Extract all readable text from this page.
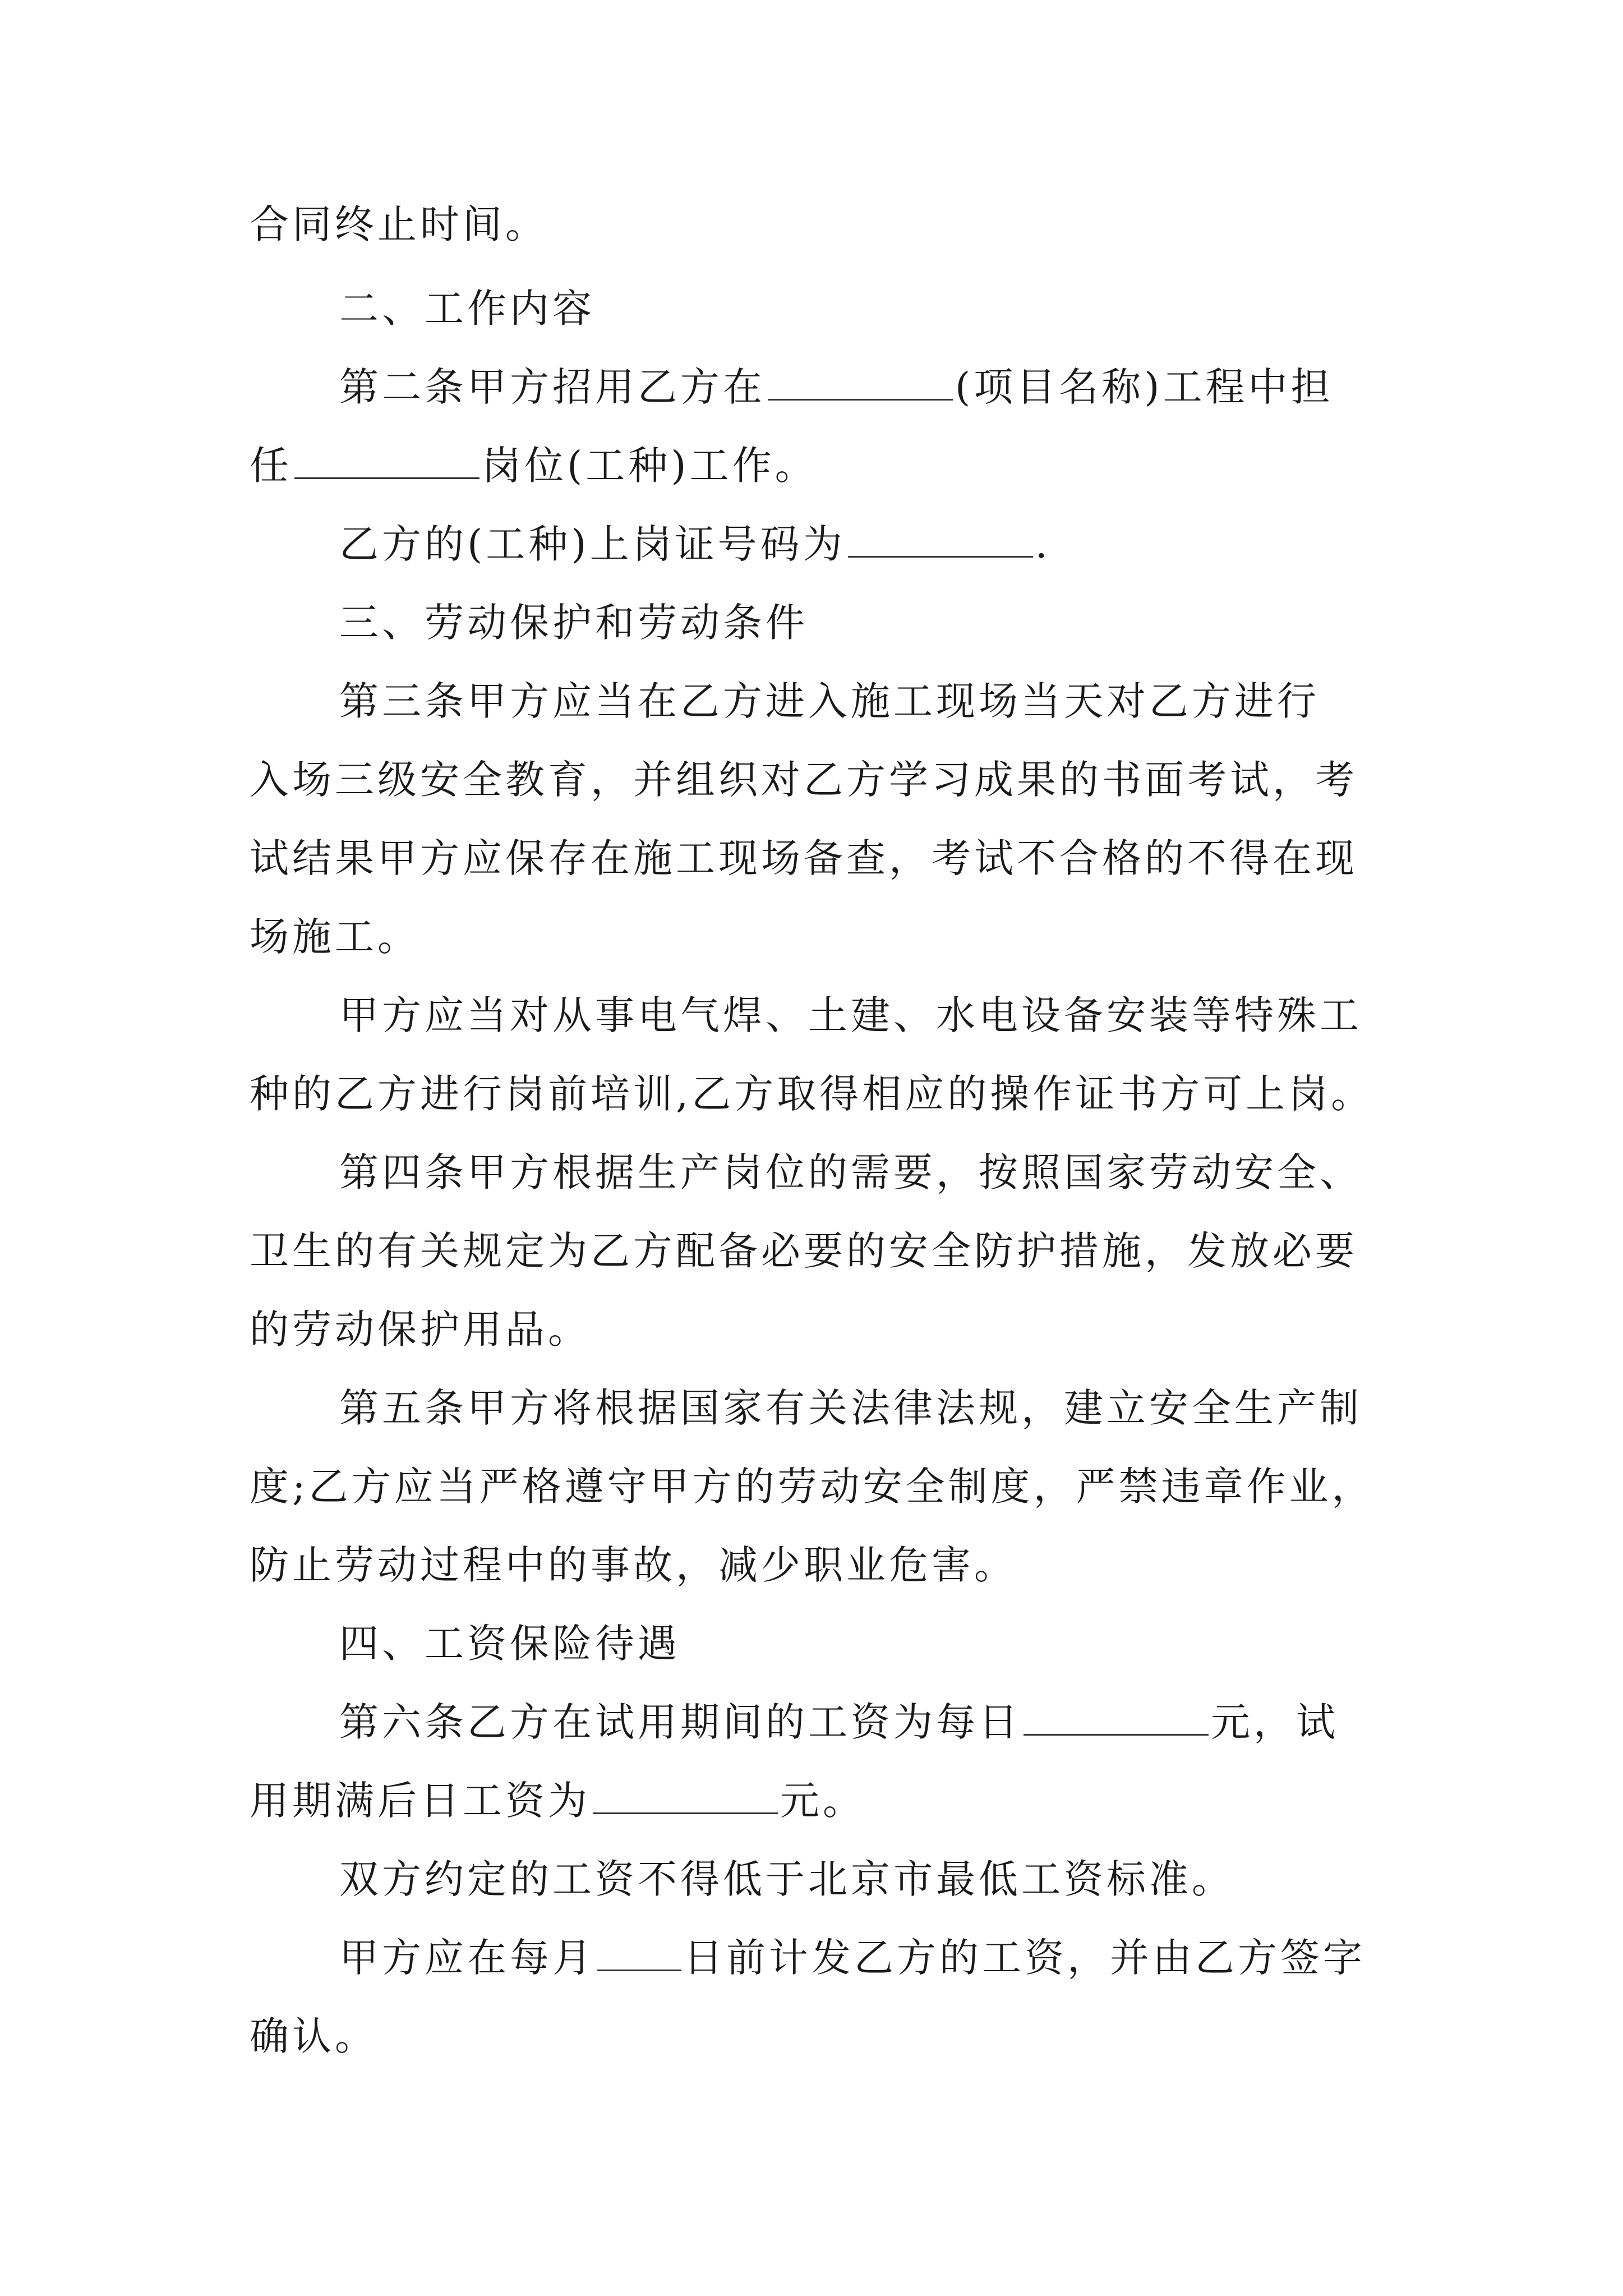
合同终止时间。
二、工作内容
第二条甲方招用乙方在	(项目名称)工程中担
任	岗位(工种)工作。
乙方的(工种)上岗证号码为	.
三、劳动保护和劳动条件
第三条甲方应当在乙方进入施工现场当天对乙方进行
入场三级安全教育，并组织对乙方学习成果的书面考试，考
试结果甲方应保存在施工现场备查，考试不合格的不得在现
场施工。
甲方应当对从事电气焊、土建、水电设备安装等特殊工
种的乙方进行岗前培训,乙方取得相应的操作证书方可上岗。
第四条甲方根据生产岗位的需要，按照国家劳动安全、
卫生的有关规定为乙方配备必要的安全防护措施，发放必要
的劳动保护用品。
第五条甲方将根据国家有关法律法规，建立安全生产制
度;乙方应当严格遵守甲方的劳动安全制度，严禁违章作业，
防止劳动过程中的事故，减少职业危害。
四、工资保险待遇
第六条乙方在试用期间的工资为每日	元，试
用期满后日工资为	元。
双方约定的工资不得低于北京市最低工资标准。
甲方应在每月 日前计发乙方的工资，并由乙方签字
确认。
